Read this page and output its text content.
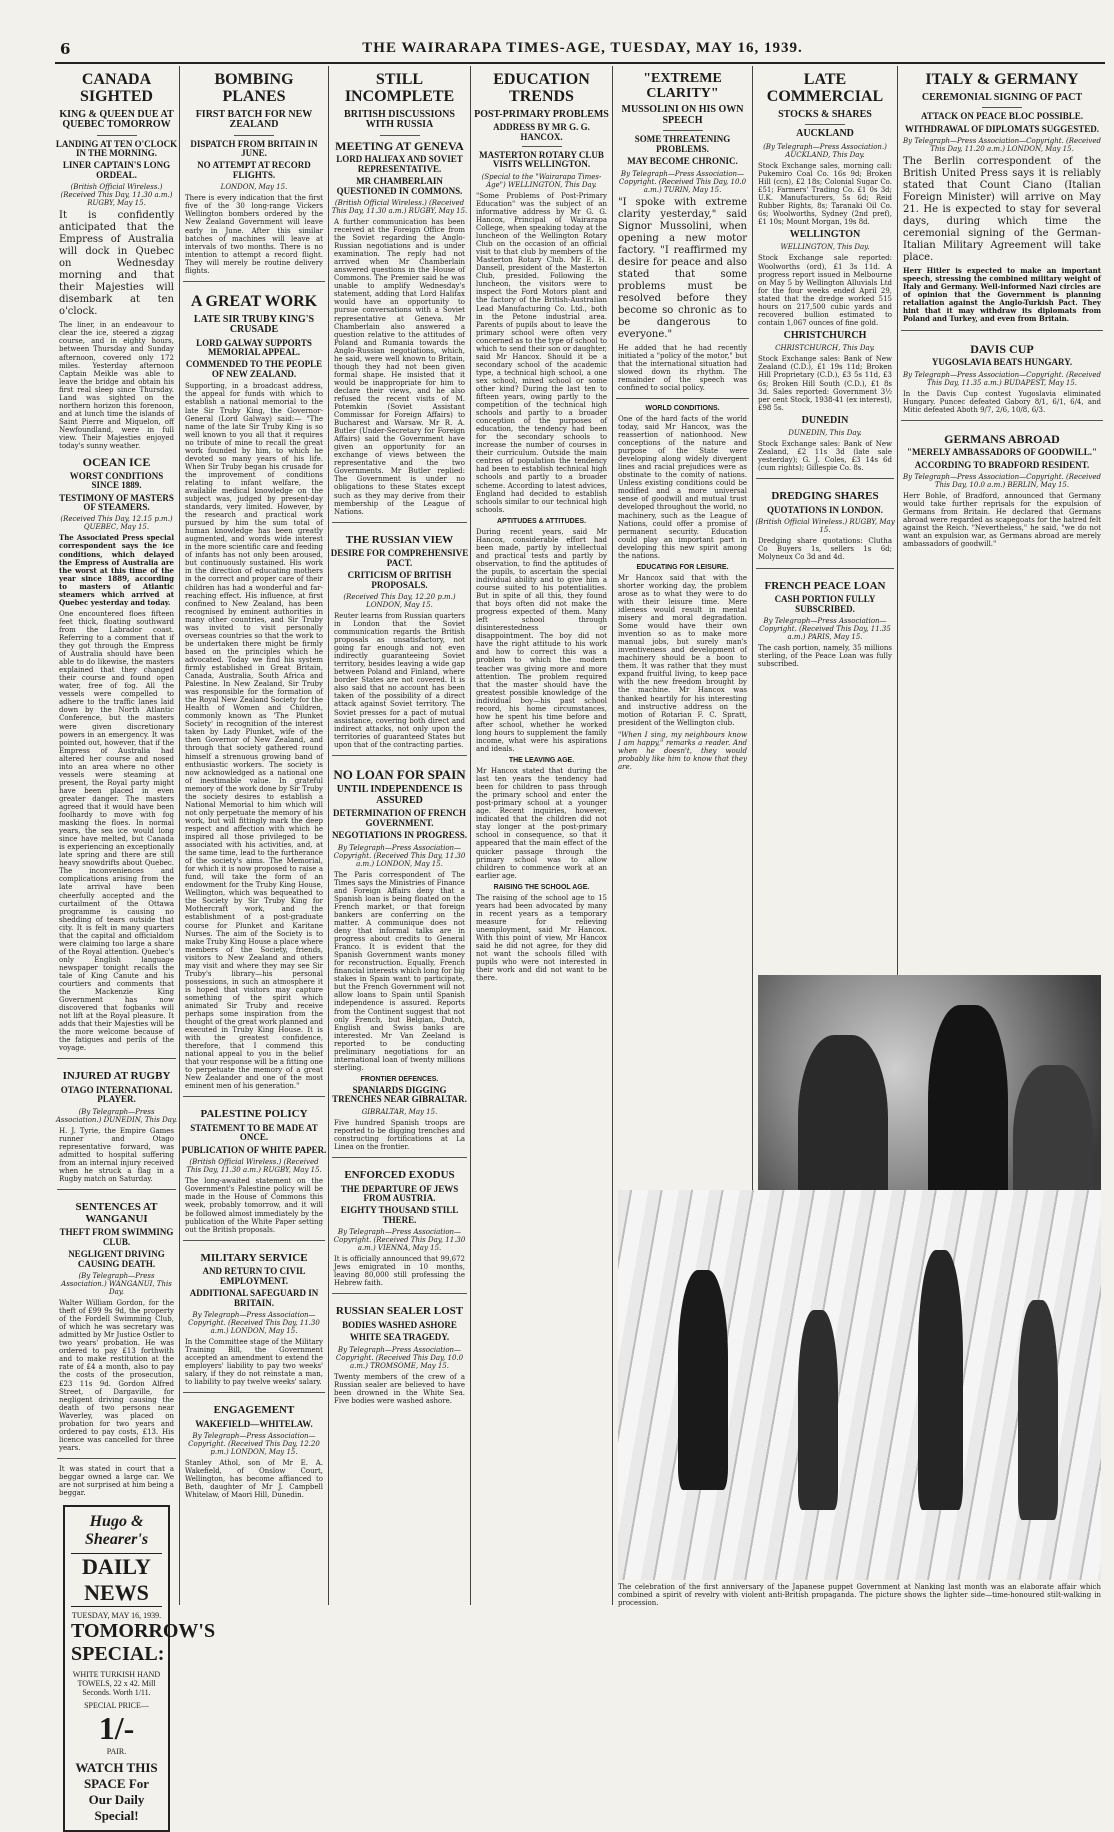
6	THE WAIRARAPA TIMES-AGE, TUESDAY, MAY 16, 1939.
CANADA SIGHTED
KING & QUEEN DUE AT QUEBEC TOMORROW
LANDING AT TEN O'CLOCK IN THE MORNING.
LINER CAPTAIN'S LONG ORDEAL.
(British Official Wireless.) (Received This Day, 11.30 a.m.) RUGBY, May 15.
It is confidently anticipated that the Empress of Australia will dock in Quebec on Wednesday morning and that their Majesties will disembark at ten o'clock.
The liner, in an endeavour to clear the ice, steered a zigzag course, and in eighty hours, between Thursday and Sunday afternoon, covered only 172 miles. Yesterday afternoon Captain Meikle was able to leave the bridge and obtain his first real sleep since Thursday. Land was sighted on the northern horizon this forenoon, and at lunch time the islands of Saint Pierre and Miquelon, off Newfoundland, were in full view. Their Majesties enjoyed today's sunny weather.
OCEAN ICE
WORST CONDITIONS SINCE 1889.
TESTIMONY OF MASTERS OF STEAMERS.
(Received This Day, 12.15 p.m.) QUEBEC, May 15.
The Associated Press special correspondent says the ice conditions, which delayed the Empress of Australia are the worst at this time of the year since 1889, according to masters of Atlantic steamers which arrived at Quebec yesterday and today.
One encountered floes fifteen feet thick, floating southward from the Labrador coast. Referring to a comment that if they got through the Empress of Australia should have been able to do likewise, the masters explained that they changed their course and found open water, free of fog. All the vessels were compelled to adhere to the traffic lanes laid down by the North Atlantic Conference, but the masters were given discretionary powers in an emergency. It was pointed out, however, that if the Empress of Australia had altered her course and nosed into an area where no other vessels were steaming at present, the Royal party might have been placed in even greater danger. The masters agreed that it would have been foolhardy to move with fog masking the floes. In normal years, the sea ice would long since have melted, but Canada is experiencing an exceptionally late spring and there are still heavy snowdrifts about Quebec. The inconveniences and complications arising from the late arrival have been cheerfully accepted and the curtailment of the Ottawa programme is causing no shedding of tears outside that city. It is felt in many quarters that the capital and officialdom were claiming too large a share of the Royal attention. Quebec's only English language newspaper tonight recalls the tale of King Canute and his courtiers and comments that the Mackenzie King Government has now discovered that fogbanks will not lift at the Royal pleasure. It adds that their Majesties will be the more welcome because of the fatigues and perils of the voyage.
INJURED AT RUGBY
OTAGO INTERNATIONAL PLAYER.
(By Telegraph—Press Association.) DUNEDIN, This Day.
H. J. Tyrie, the Empire Games runner and Otago representative forward, was admitted to hospital suffering from an internal injury received when he struck a flag in a Rugby match on Saturday.
SENTENCES AT WANGANUI
THEFT FROM SWIMMING CLUB.
NEGLIGENT DRIVING CAUSING DEATH.
(By Telegraph—Press Association.) WANGANUI, This Day.
Walter William Gordon, for the theft of £99 9s 9d, the property of the Fordell Swimming Club, of which he was secretary was admitted by Mr Justice Ostler to two years' probation. He was ordered to pay £13 forthwith and to make restitution at the rate of £4 a month, also to pay the costs of the prosecution, £23 11s 9d. Gordon Alfred Street, of Dargaville, for negligent driving causing the death of two persons near Waverley, was placed on probation for two years and ordered to pay costs, £13. His licence was cancelled for three years.
It was stated in court that a beggar owned a large car. We are not surprised at him being a beggar.
Hugo & Shearer's
DAILY NEWS
TUESDAY, MAY 16, 1939.
TOMORROW'S SPECIAL:
WHITE TURKISH HAND TOWELS, 22 x 42. Mill Seconds. Worth 1/11.
SPECIAL PRICE—
1/-
PAIR.
WATCH THIS SPACE For Our Daily Special!
BOMBING PLANES
FIRST BATCH FOR NEW ZEALAND
DISPATCH FROM BRITAIN IN JUNE.
NO ATTEMPT AT RECORD FLIGHTS.
LONDON, May 15.
There is every indication that the first five of the 30 long-range Vickers Wellington bombers ordered by the New Zealand Government will leave early in June. After this similar batches of machines will leave at intervals of two months. There is no intention to attempt a record flight. They will merely be routine delivery flights.
A GREAT WORK
LATE SIR TRUBY KING'S CRUSADE
LORD GALWAY SUPPORTS MEMORIAL APPEAL.
COMMENDED TO THE PEOPLE OF NEW ZEALAND.
Supporting, in a broadcast address, the appeal for funds with which to establish a national memorial to the late Sir Truby King, the Governor-General (Lord Galway) said:— "The name of the late Sir Truby King is so well known to you all that it requires no tribute of mine to recall the great work founded by him, to which he devoted so many years of his life. When Sir Truby began his crusade for the improvement of conditions relating to infant welfare, the available medical knowledge on the subject was, judged by present-day standards, very limited. However, by the research and practical work pursued by him the sum total of human knowledge has been greatly augmented, and words wide interest in the more scientific care and feeding of infants has not only been aroused, but continuously sustained. His work in the direction of educating mothers in the correct and proper care of their children has had a wonderful and far-reaching effect. His influence, at first confined to New Zealand, has been recognised by eminent authorities in many other countries, and Sir Truby was invited to visit personally overseas countries so that the work to be undertaken there might be firmly based on the principles which he advocated. Today we find his system firmly established in Great Britain, Canada, Australia, South Africa and Palestine. In New Zealand, Sir Truby was responsible for the formation of the Royal New Zealand Society for the Health of Women and Children, commonly known as 'The Plunket Society' in recognition of the interest taken by Lady Plunket, wife of the then Governor of New Zealand, and through that society gathered round himself a strenuous growing band of enthusiastic workers. The society is now acknowledged as a national one of inestimable value. In grateful memory of the work done by Sir Truby the society desires to establish a National Memorial to him which will not only perpetuate the memory of his work, but will fittingly mark the deep respect and affection with which he inspired all those privileged to be associated with his activities, and, at the same time, lead to the furtherance of the society's aims. The Memorial, for which it is now proposed to raise a fund, will take the form of an endowment for the Truby King House, Wellington, which was bequeathed to the Society by Sir Truby King for Mothercraft work, and the establishment of a post-graduate course for Plunket and Karitane Nurses. The aim of the Society is to make Truby King House a place where members of the Society, friends, visitors to New Zealand and others may visit and where they may see Sir Truby's library—his personal possessions, in such an atmosphere it is hoped that visitors may capture something of the spirit which animated Sir Truby and receive perhaps some inspiration from the thought of the great work planned and executed in Truby King House. It is with the greatest confidence, therefore, that I commend this national appeal to you in the belief that your response will be a fitting one to perpetuate the memory of a great New Zealander and one of the most eminent men of his generation."
PALESTINE POLICY
STATEMENT TO BE MADE AT ONCE.
PUBLICATION OF WHITE PAPER.
(British Official Wireless.) (Received This Day, 11.30 a.m.) RUGBY, May 15.
The long-awaited statement on the Government's Palestine policy will be made in the House of Commons this week, probably tomorrow, and it will be followed almost immediately by the publication of the White Paper setting out the British proposals.
MILITARY SERVICE
AND RETURN TO CIVIL EMPLOYMENT.
ADDITIONAL SAFEGUARD IN BRITAIN.
By Telegraph—Press Association—Copyright. (Received This Day, 11.30 a.m.) LONDON, May 15.
In the Committee stage of the Military Training Bill, the Government accepted an amendment to extend the employers' liability to pay two weeks' salary, if they do not reinstate a man, to liability to pay twelve weeks' salary.
ENGAGEMENT
WAKEFIELD—WHITELAW.
By Telegraph—Press Association—Copyright. (Received This Day, 12.20 p.m.) LONDON, May 15.
Stanley Athol, son of Mr E. A. Wakefield, of Onslow Court, Wellington, has become affianced to Beth, daughter of Mr J. Campbell Whitelaw, of Maori Hill, Dunedin.
STILL INCOMPLETE
BRITISH DISCUSSIONS WITH RUSSIA
MEETING AT GENEVA
LORD HALIFAX AND SOVIET REPRESENTATIVE.
MR CHAMBERLAIN QUESTIONED IN COMMONS.
(British Official Wireless.) (Received This Day, 11.30 a.m.) RUGBY, May 15.
A further communication has been received at the Foreign Office from the Soviet regarding the Anglo-Russian negotiations and is under examination. The reply had not arrived when Mr Chamberlain answered questions in the House of Commons. The Premier said he was unable to amplify Wednesday's statement, adding that Lord Halifax would have an opportunity to pursue conversations with a Soviet representative at Geneva. Mr Chamberlain also answered a question relative to the attitudes of Poland and Rumania towards the Anglo-Russian negotiations, which, he said, were well known to Britain, though they had not been given formal shape. He insisted that it would be inappropriate for him to declare their views, and he also refused the recent visits of M. Potemkin (Soviet Assistant Commissar for Foreign Affairs) to Bucharest and Warsaw. Mr R. A. Butler (Under-Secretary for Foreign Affairs) said the Government have given an opportunity for an exchange of views between the representative and the two Governments. Mr Butler replied: The Government is under no obligations to these States except such as they may derive from their membership of the League of Nations.
THE RUSSIAN VIEW
DESIRE FOR COMPREHENSIVE PACT.
CRITICISM OF BRITISH PROPOSALS.
(Received This Day, 12.20 p.m.) LONDON, May 15.
Reuter learns from Russian quarters in London that the Soviet communication regards the British proposals as unsatisfactory, not going far enough and not even indirectly guaranteeing Soviet territory, besides leaving a wide gap between Poland and Finland, where border States are not covered. It is also said that no account has been taken of the possibility of a direct attack against Soviet territory. The Soviet presses for a pact of mutual assistance, covering both direct and indirect attacks, not only upon the territories of guaranteed States but upon that of the contracting parties.
NO LOAN FOR SPAIN
UNTIL INDEPENDENCE IS ASSURED
DETERMINATION OF FRENCH GOVERNMENT.
NEGOTIATIONS IN PROGRESS.
By Telegraph—Press Association—Copyright. (Received This Day, 11.30 a.m.) LONDON, May 15.
The Paris correspondent of The Times says the Ministries of Finance and Foreign Affairs deny that a Spanish loan is being floated on the French market, or that foreign bankers are conferring on the matter. A communique does not deny that informal talks are in progress about credits to General Franco. It is evident that the Spanish Government wants money for reconstruction. Equally, French financial interests which long for big stakes in Spain want to participate, but the French Government will not allow loans to Spain until Spanish independence is assured. Reports from the Continent suggest that not only French, but Belgian, Dutch, English and Swiss banks are interested. Mr Van Zeeland is reported to be conducting preliminary negotiations for an international loan of twenty millions sterling.
FRONTIER DEFENCES.
SPANIARDS DIGGING TRENCHES NEAR GIBRALTAR.
GIBRALTAR, May 15.
Five hundred Spanish troops are reported to be digging trenches and constructing fortifications at La Linea on the frontier.
ENFORCED EXODUS
THE DEPARTURE OF JEWS FROM AUSTRIA.
EIGHTY THOUSAND STILL THERE.
By Telegraph—Press Association—Copyright. (Received This Day, 11.30 a.m.) VIENNA, May 15.
It is officially announced that 99,672 Jews emigrated in 10 months, leaving 80,000 still professing the Hebrew faith.
RUSSIAN SEALER LOST
BODIES WASHED ASHORE
WHITE SEA TRAGEDY.
By Telegraph—Press Association—Copyright. (Received This Day, 10.0 a.m.) TROMSOME, May 15.
Twenty members of the crew of a Russian sealer are believed to have been drowned in the White Sea. Five bodies were washed ashore.
EDUCATION TRENDS
POST-PRIMARY PROBLEMS
ADDRESS BY MR G. G. HANCOX.
MASTERTON ROTARY CLUB VISITS WELLINGTON.
(Special to the "Wairarapa Times-Age") WELLINGTON, This Day.
"Some Problems of Post-Primary Education" was the subject of an informative address by Mr G. G. Hancox, Principal of Wairarapa College, when speaking today at the luncheon of the Wellington Rotary Club on the occasion of an official visit to that club by members of the Masterton Rotary Club. Mr E. H. Dansell, president of the Masterton Club, presided. Following the luncheon, the visitors were to inspect the Ford Motors plant and the factory of the British-Australian Lead Manufacturing Co. Ltd., both in the Petone industrial area. Parents of pupils about to leave the primary school were often very concerned as to the type of school to which to send their son or daughter, said Mr Hancox. Should it be a secondary school of the academic type, a technical high school, a one sex school, mixed school or some other kind? During the last ten to fifteen years, owing partly to the competition of the technical high schools and partly to a broader conception of the purposes of education, the tendency had been for the secondary schools to increase the number of courses in their curriculum. Outside the main centres of population the tendency had been to establish technical high schools and partly to a broader scheme. According to latest advices, England had decided to establish schools similar to our technical high schools.
APTITUDES & ATTITUDES.
During recent years, said Mr Hancox, considerable effort had been made, partly by intellectual and practical tests and partly by observation, to find the aptitudes of the pupils, to ascertain the special individual ability and to give him a course suited to his potentialities. But in spite of all this, they found that boys often did not make the progress expected of them. Many left school through disinterestedness or disappointment. The boy did not have the right attitude to his work and how to correct this was a problem to which the modern teacher was giving more and more attention. The problem required that the master should have the greatest possible knowledge of the individual boy—his past school record, his home circumstances, how he spent his time before and after school, whether he worked long hours to supplement the family income, what were his aspirations and ideals.
THE LEAVING AGE.
Mr Hancox stated that during the last ten years the tendency had been for children to pass through the primary school and enter the post-primary school at a younger age. Recent inquiries, however, indicated that the children did not stay longer at the post-primary school in consequence, so that it appeared that the main effect of the quicker passage through the primary school was to allow children to commence work at an earlier age.
RAISING THE SCHOOL AGE.
The raising of the school age to 15 years had been advocated by many in recent years as a temporary measure for relieving unemployment, said Mr Hancox. With this point of view, Mr Hancox said he did not agree, for they did not want the schools filled with pupils who were not interested in their work and did not want to be there.
"EXTREME CLARITY"
MUSSOLINI ON HIS OWN SPEECH
SOME THREATENING PROBLEMS.
MAY BECOME CHRONIC.
By Telegraph—Press Association—Copyright. (Received This Day, 10.0 a.m.) TURIN, May 15.
"I spoke with extreme clarity yesterday," said Signor Mussolini, when opening a new motor factory. "I reaffirmed my desire for peace and also stated that some problems must be resolved before they become so chronic as to be dangerous to everyone."
He added that he had recently initiated a "policy of the motor," but that the international situation had slowed down its rhythm. The remainder of the speech was confined to social policy.
WORLD CONDITIONS.
One of the hard facts of the world today, said Mr Hancox, was the reassertion of nationhood. New conceptions of the nature and purpose of the State were developing along widely divergent lines and racial prejudices were as obstinate to the comity of nations. Unless existing conditions could be modified and a more universal sense of goodwill and mutual trust developed throughout the world, no machinery, such as the League of Nations, could offer a promise of permanent security. Education could play an important part in developing this new spirit among the nations.
EDUCATING FOR LEISURE.
Mr Hancox said that with the shorter working day, the problem arose as to what they were to do with their leisure time. Mere idleness would result in mental misery and moral degradation. Some would have their own invention so as to make more manual jobs, but surely man's inventiveness and development of machinery should be a boon to them. It was rather that they must expand fruitful living, to keep pace with the new freedom brought by the machine. Mr Hancox was thanked heartily for his interesting and instructive address on the motion of Rotarian F. C. Spratt, president of the Wellington club.
"When I sing, my neighbours know I am happy," remarks a reader. And when he doesn't, they would probably like him to know that they are.
LATE COMMERCIAL
STOCKS & SHARES
AUCKLAND
(By Telegraph—Press Association.) AUCKLAND, This Day.
Stock Exchange sales, morning call: Pukemiro Coal Co. 16s 9d; Broken Hill (ccn), £2 18s; Colonial Sugar Co. £51; Farmers' Trading Co. £1 0s 3d; U.K. Manufacturers, 5s 6d; Reid Rubber Rights, 8s; Taranaki Oil Co. 6s; Woolworths, Sydney (2nd pref), £1 10s; Mount Morgan, 19s 8d.
WELLINGTON
WELLINGTON, This Day.
Stock Exchange sale reported: Woolworths (ord), £1 3s 11d. A progress report issued in Melbourne on May 5 by Wellington Alluvials Ltd for the four weeks ended April 29, stated that the dredge worked 515 hours on 217,500 cubic yards and recovered bullion estimated to contain 1,067 ounces of fine gold.
CHRISTCHURCH
CHRISTCHURCH, This Day.
Stock Exchange sales: Bank of New Zealand (C.D.), £1 19s 11d; Broken Hill Proprietary (C.D.), £3 5s 11d, £3 6s; Broken Hill South (C.D.), £1 8s 3d. Sales reported: Government 3½ per cent Stock, 1938-41 (ex interest), £98 5s.
DUNEDIN
DUNEDIN, This Day.
Stock Exchange sales: Bank of New Zealand, £2 11s 3d (late sale yesterday); G. J. Coles, £3 14s 6d (cum rights); Gillespie Co. 8s.
DREDGING SHARES
QUOTATIONS IN LONDON.
(British Official Wireless.) RUGBY, May 15.
Dredging share quotations: Clutha Co Buyers 1s, sellers 1s 6d; Molyneux Co 3d and 4d.
FRENCH PEACE LOAN
CASH PORTION FULLY SUBSCRIBED.
By Telegraph—Press Association—Copyright. (Received This Day, 11.35 a.m.) PARIS, May 15.
The cash portion, namely, 35 millions sterling, of the Peace Loan was fully subscribed.
ITALY & GERMANY
CEREMONIAL SIGNING OF PACT
ATTACK ON PEACE BLOC POSSIBLE.
WITHDRAWAL OF DIPLOMATS SUGGESTED.
By Telegraph—Press Association—Copyright. (Received This Day, 11.20 a.m.) LONDON, May 15.
The Berlin correspondent of the British United Press says it is reliably stated that Count Ciano (Italian Foreign Minister) will arrive on May 21. He is expected to stay for several days, during which time the ceremonial signing of the German-Italian Military Agreement will take place.
Herr Hitler is expected to make an important speech, stressing the combined military weight of Italy and Germany. Well-informed Nazi circles are of opinion that the Government is planning retaliation against the Anglo-Turkish Pact. They hint that it may withdraw its diplomats from Poland and Turkey, and even from Britain.
DAVIS CUP
YUGOSLAVIA BEATS HUNGARY.
By Telegraph—Press Association—Copyright. (Received This Day, 11.35 a.m.) BUDAPEST, May 15.
In the Davis Cup contest Yugoslavia eliminated Hungary. Puncec defeated Gabory 8/1, 6/1, 6/4, and Mitic defeated Aboth 9/7, 2/6, 10/8, 6/3.
GERMANS ABROAD
"MERELY AMBASSADORS OF GOODWILL."
ACCORDING TO BRADFORD RESIDENT.
By Telegraph—Press Association—Copyright. (Received This Day, 10.0 a.m.) BERLIN, May 15.
Herr Bohle, of Bradford, announced that Germany would take further reprisals for the expulsion of Germans from Britain. He declared that Germans abroad were regarded as scapegoats for the hatred felt against the Reich. "Nevertheless," he said, "we do not want an expulsion war, as Germans abroad are merely ambassadors of goodwill."
The celebration of the first anniversary of the Japanese puppet Government at Nanking last month was an elaborate affair which combined a spirit of revelry with violent anti-British propaganda. The picture shows the lighter side—time-honoured stilt-walking in procession.
